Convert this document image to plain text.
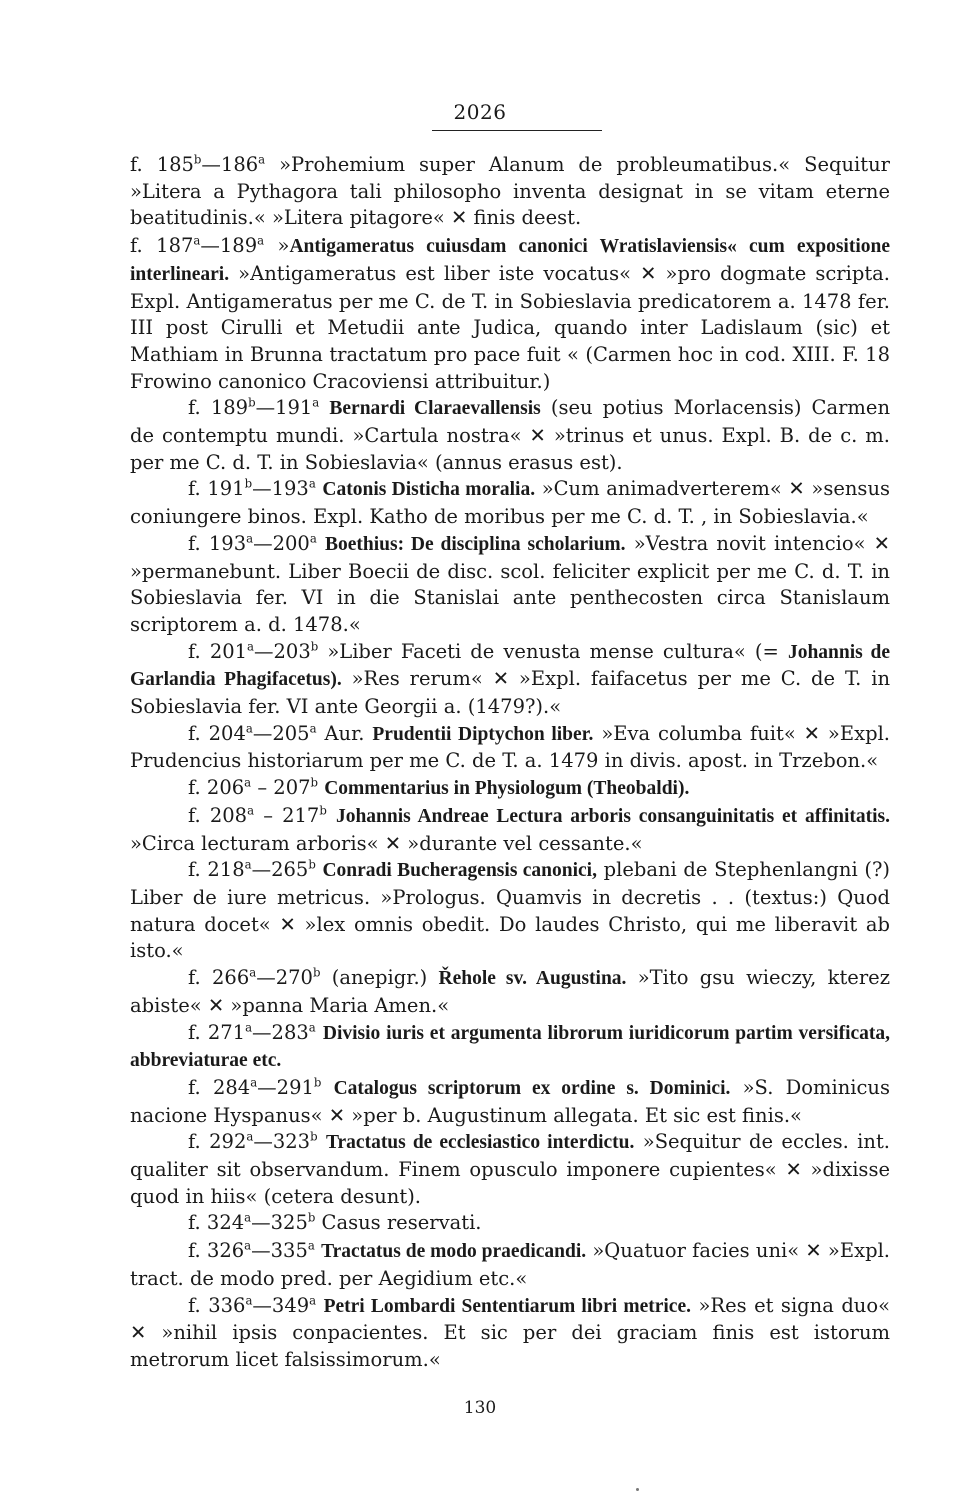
2026

f. 185$^b$—186$^a$ »Prohemium super Alanum de probleumatibus.« Sequitur »Litera a Pythagora tali philosopho inventa designat in se vitam eterne beatitudinis.« »Litera pitagore« ✕ finis deest.

f. 187$^a$—189$^a$ »Antigameratus cuiusdam canonici Wratislaviensis« cum expositione interlineari. »Antigameratus est liber iste vocatus« ✕ »pro dogmate scripta. Expl. Antigameratus per me C. de T. in Sobieslavia predicatorem a. 1478 fer. III post Cirulli et Metudii ante Judica, quando inter Ladislaum (sic) et Mathiam in Brunna tractatum pro pace fuit « (Carmen hoc in cod. XIII. F. 18 Frowino canonico Cracoviensi attribuitur.)

f. 189$^b$—191$^a$ Bernardi Claraevallensis (seu potius Morlacensis) Carmen de contemptu mundi. »Cartula nostra« ✕ »trinus et unus. Expl. B. de c. m. per me C. d. T. in Sobieslavia« (annus erasus est).

f. 191$^b$—193$^a$ Catonis Disticha moralia. »Cum animadverterem« ✕ »sensus coniungere binos. Expl. Katho de moribus per me C. d. T. , in Sobieslavia.«

f. 193$^a$—200$^a$ Boethius: De disciplina scholarium. »Vestra novit intencio« ✕ »permanebunt. Liber Boecii de disc. scol. feliciter explicit per me C. d. T. in Sobieslavia fer. VI in die Stanislai ante penthecosten circa Stanislaum scriptorem a. d. 1478.«

f. 201$^a$—203$^b$ »Liber Faceti de venusta mense cultura« (= Johannis de Garlandia Phagifacetus). »Res rerum« ✕ »Expl. faifacetus per me C. de T. in Sobieslavia fer. VI ante Georgii a. (1479?).«

f. 204$^a$—205$^a$ Aur. Prudentii Diptychon liber. »Eva columba fuit« ✕ »Expl. Prudencius historiarum per me C. de T. a. 1479 in divis. apost. in Trzebon.«

f. 206$^a$ – 207$^b$ Commentarius in Physiologum (Theobaldi).

f. 208$^a$ – 217$^b$ Johannis Andreae Lectura arboris consanguinitatis et affinitatis. »Circa lecturam arboris« ✕ »durante vel cessante.«

f. 218$^a$—265$^b$ Conradi Bucheragensis canonici, plebani de Stephenlangni (?) Liber de iure metricus. »Prologus. Quamvis in decretis . . (textus:) Quod natura docet« ✕ »lex omnis obedit. Do laudes Christo, qui me liberavit ab isto.«

f. 266$^a$—270$^b$ (anepigr.) Řehole sv. Augustina. »Tito gsu wieczy, kterez abiste« ✕ »panna Maria Amen.«

f. 271$^a$—283$^a$ Divisio iuris et argumenta librorum iuridicorum partim versificata, abbreviaturae etc.

f. 284$^a$—291$^b$ Catalogus scriptorum ex ordine s. Dominici. »S. Dominicus nacione Hyspanus« ✕ »per b. Augustinum allegata. Et sic est finis.«

f. 292$^a$—323$^b$ Tractatus de ecclesiastico interdictu. »Sequitur de eccles. int. qualiter sit observandum. Finem opusculo imponere cupientes« ✕ »dixisse quod in hiis« (cetera desunt).

f. 324$^a$—325$^b$ Casus reservati.

f. 326$^a$—335$^a$ Tractatus de modo praedicandi. »Quatuor facies uni« ✕ »Expl. tract. de modo pred. per Aegidium etc.«

f. 336$^a$—349$^a$ Petri Lombardi Sententiarum libri metrice. »Res et signa duo« ✕ »nihil ipsis conpacientes. Et sic per dei graciam finis est istorum metrorum licet falsissimorum.«

130
